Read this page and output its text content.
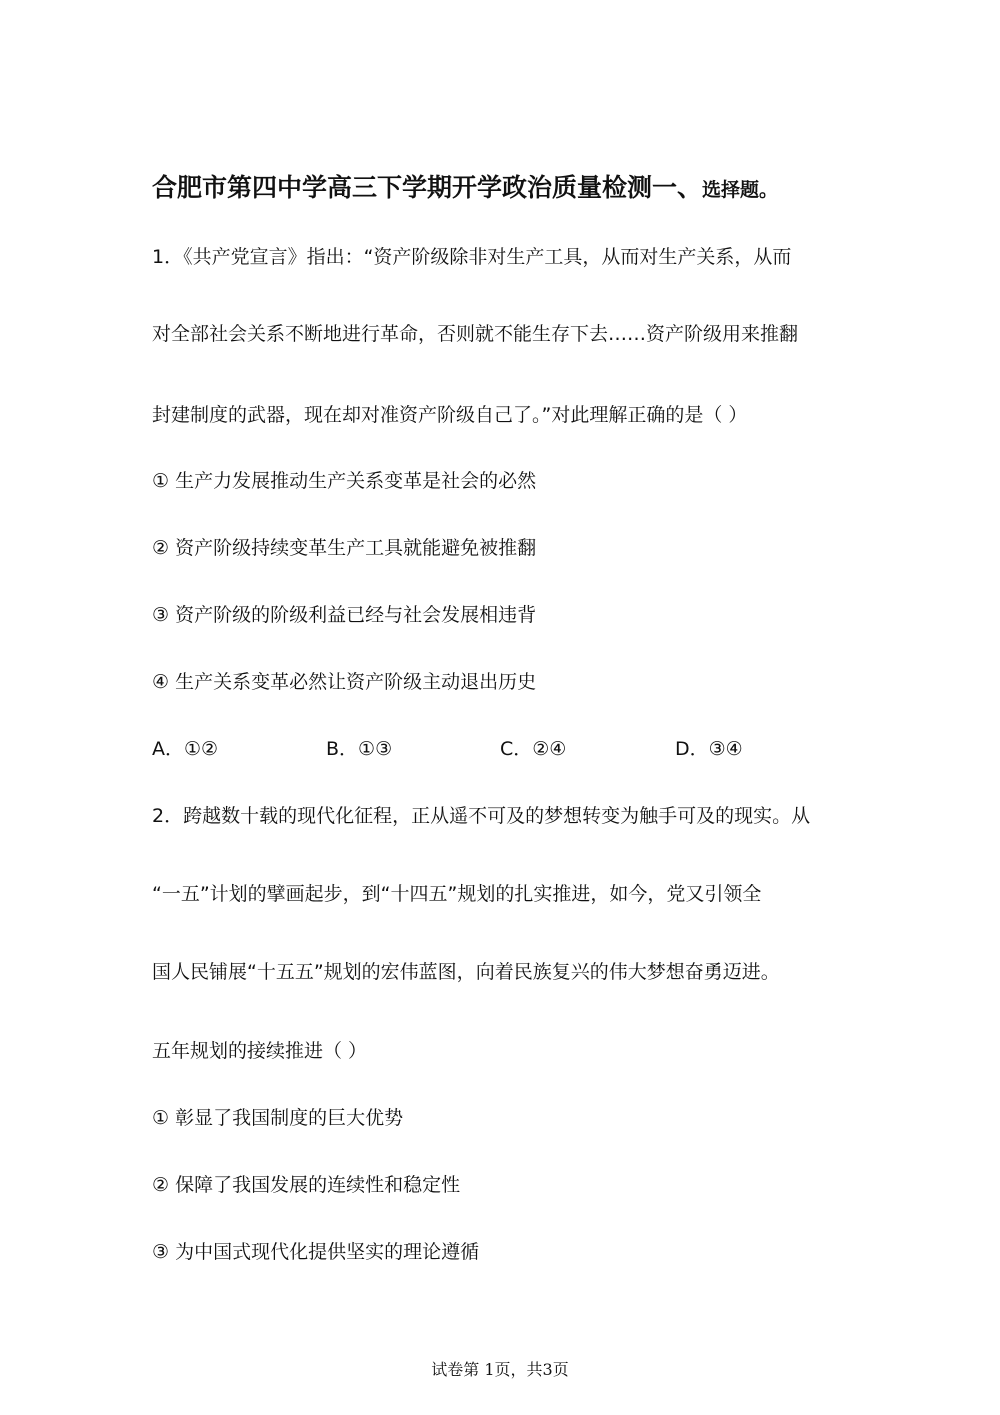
合肥市第四中学高三下学期开学政治质量检测一、选择题。
1．《共产党宣言》指出：“资产阶级除非对生产工具，从而对生产关系，从而
对全部社会关系不断地进行革命，否则就不能生存下去……资产阶级用来推翻
封建制度的武器，现在却对准资产阶级自己了。”对此理解正确的是（ ）
① 生产力发展推动生产关系变革是社会的必然
② 资产阶级持续变革生产工具就能避免被推翻
③ 资产阶级的阶级利益已经与社会发展相违背
④ 生产关系变革必然让资产阶级主动退出历史
A．①②	B．①③	C．②④	D．③④
2．跨越数十载的现代化征程，正从遥不可及的梦想转变为触手可及的现实。从
“一五”计划的擘画起步，到“十四五”规划的扎实推进，如今，党又引领全
国人民铺展“十五五”规划的宏伟蓝图，向着民族复兴的伟大梦想奋勇迈进。
五年规划的接续推进（ ）
① 彰显了我国制度的巨大优势
② 保障了我国发展的连续性和稳定性
③ 为中国式现代化提供坚实的理论遵循
试卷第 1页，共3页
